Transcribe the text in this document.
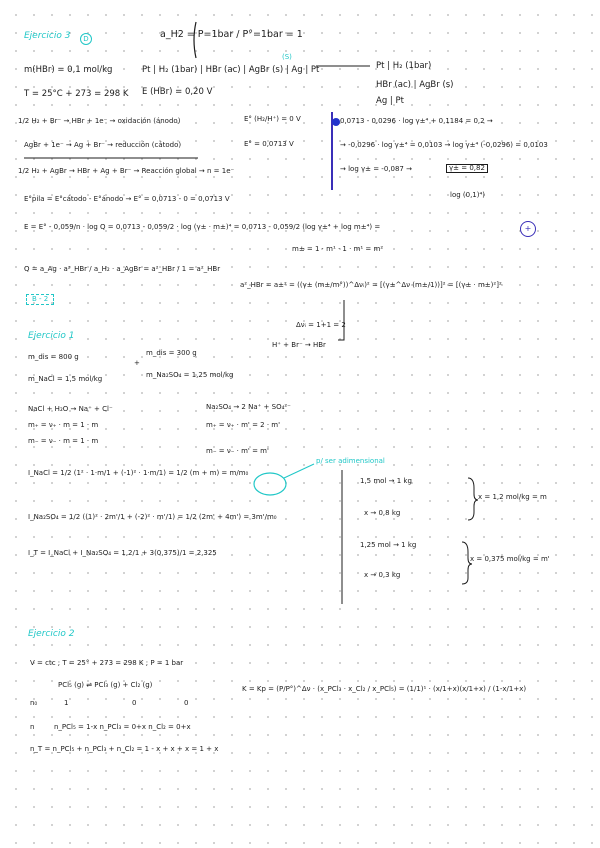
Ejercicio 3	D	a_H2 = P=1bar / P°=1bar = 1
m(HBr) = 0,1 mol/kg	Pt | H₂ (1bar) | HBr (ac) | AgBr (s) | Ag | Pt
(S)
Pt | H₂ (1bar)
HBr (ac) | AgBr (s)
Ag | Pt
T = 25°C + 273 = 298 K E (HBr) = 0,20 V
1/2 H₂ + Br⁻ → HBr + 1e⁻ → oxidación (ánodo)	E° (H₂/H⁺) = 0 V
AgBr + 1e⁻ → Ag + Br⁻ → reducción (cátodo)	E° = 0,0713 V
1/2 H₂ + AgBr → HBr + Ag + Br⁻ → Reacción global → n = 1e⁻
0,0713 - 0,0296 · log γ±⁴ + 0,1184 = 0,2 →
→ -0,0296 · log γ±⁴ = 0,0103 → log γ±⁴ (-0,0296) = 0,0103
→ log γ± = -0,087 →	γ± = 0,82
E°pila = E°cátodo - E°ánodo → E° = 0,0713 - 0 = 0,0713 V	log (0,1)⁴)
E = E° - 0,059/n · log Q = 0,0713 - 0,059/2 · log (γ± · m±)⁴ = 0,0713 - 0,059/2 (log γ±⁴ + log m±⁴) =	+
m± = 1 · m¹ · 1 · m¹ = m²
Q = a_Ag · a²_HBr / a_H₂ · a_AgBr = a²_HBr / 1 = a²_HBr
a²_HBr = a±² = ((γ± (m±/m°))^Δνᵢ)² = [(γ±^Δν (m±/1))]² = [(γ± · m±)²]²
B - 2
Δνᵢ = 1+1 = 2
H⁺ + Br⁻ → HBr
Ejercicio 1
m_dis = 800 g	m_dis = 300 g
+
m_NaCl = 1,5 mol/kg	m_Na₂SO₄ = 1,25 mol/kg
NaCl + H₂O → Na⁺ + Cl⁻	Na₂SO₄ → 2 Na⁺ + SO₄²⁻
m₊ = ν₊ · m = 1 · m	m₊ = ν₊ · m' = 2 · m'
m₋ = ν₋ · m = 1 · m
m₋ = ν₋ · m' = m'
I_NaCl = 1/2 (1² · 1·m/1 + (-1)² · 1·m/1) = 1/2 (m + m) = m/m₀
p/ ser adimensional
I_Na₂SO₄ = 1/2 ((1)² · 2m'/1 + (-2)² · m'/1) = 1/2 (2m' + 4m') = 3m'/m₀
I_T = I_NaCl + I_Na₂SO₄ = 1,2/1 + 3(0,375)/1 = 2,325
1,5 mol → 1 kg
x → 0,8 kg
x = 1,2 mol/kg = m
1,25 mol → 1 kg
x → 0,3 kg
x = 0,375 mol/kg = m'
Ejercicio 2
V = ctc ; T = 25° + 273 = 298 K ; P = 1 bar
PCl₅ (g) ⇌ PCl₃ (g) + Cl₂ (g)
n₀	1	0	0
K = Kp = (P/P°)^Δν · (x_PCl₃ · x_Cl₂ / x_PCl₅) = (1/1)¹ · (x/1+x)(x/1+x) / (1-x/1+x)
n	n_PCl₅ = 1-x n_PCl₃ = 0+x n_Cl₂ = 0+x
n_T = n_PCl₅ + n_PCl₃ + n_Cl₂ = 1 - x + x + x = 1 + x
